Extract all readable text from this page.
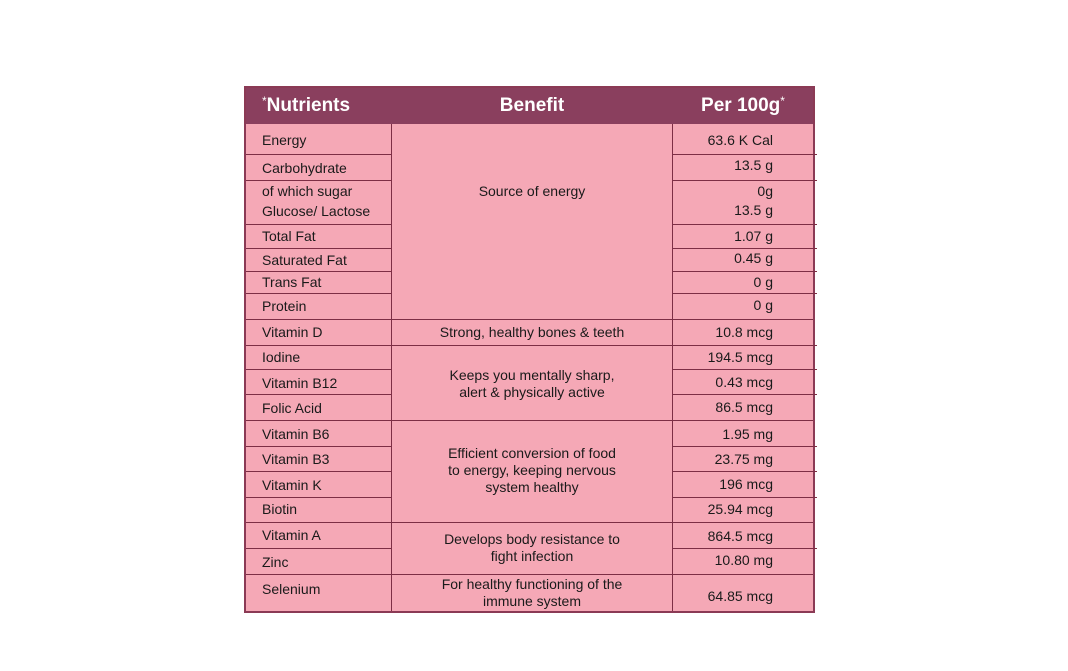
*Nutrients	Benefit	Per 100g*
Energy
Carbohydrate
of which sugar
Glucose/ Lactose
Total Fat
Saturated Fat
Trans Fat
Protein
Vitamin D
Iodine
Vitamin B12
Folic Acid
Vitamin B6
Vitamin B3
Vitamin K
Biotin
Vitamin A
Zinc
Selenium
63.6 K Cal
13.5 g
0g
13.5 g
1.07 g
0.45 g
0 g
0 g
10.8 mcg
194.5 mcg
0.43 mcg
86.5 mcg
1.95 mg
23.75 mg
196 mcg
25.94 mcg
864.5 mcg
10.80 mg
64.85 mcg
Source of energy
Strong, healthy bones & teeth
Keeps you mentally sharp, alert & physically active
Efficient conversion of food to energy, keeping nervous system healthy
Develops body resistance to fight infection
For healthy functioning of the immune system
